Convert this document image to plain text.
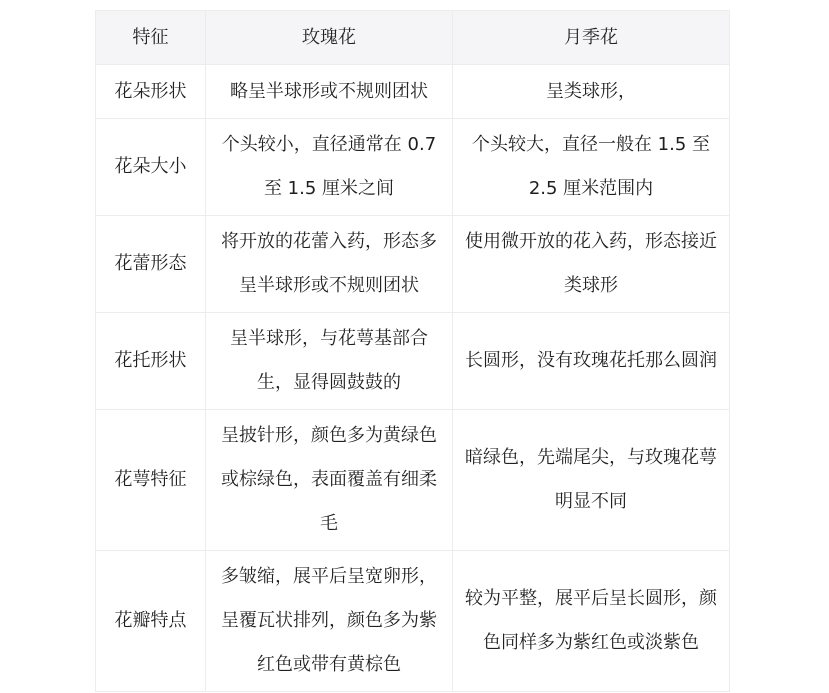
特征	玫瑰花	月季花
花朵形状	略呈半球形或不规则团状	呈类球形，
花朵大小	个头较小，直径通常在 0.7 至 1.5 厘米之间	个头较大，直径一般在 1.5 至 2.5 厘米范围内
花蕾形态	将开放的花蕾入药，形态多呈半球形或不规则团状	使用微开放的花入药，形态接近类球形
花托形状	呈半球形，与花萼基部合生，显得圆鼓鼓的	长圆形，没有玫瑰花托那么圆润
花萼特征	呈披针形，颜色多为黄绿色或棕绿色，表面覆盖有细柔毛	暗绿色，先端尾尖，与玫瑰花萼明显不同
花瓣特点	多皱缩，展平后呈宽卵形，呈覆瓦状排列，颜色多为紫红色或带有黄棕色	较为平整，展平后呈长圆形，颜色同样多为紫红色或淡紫色
